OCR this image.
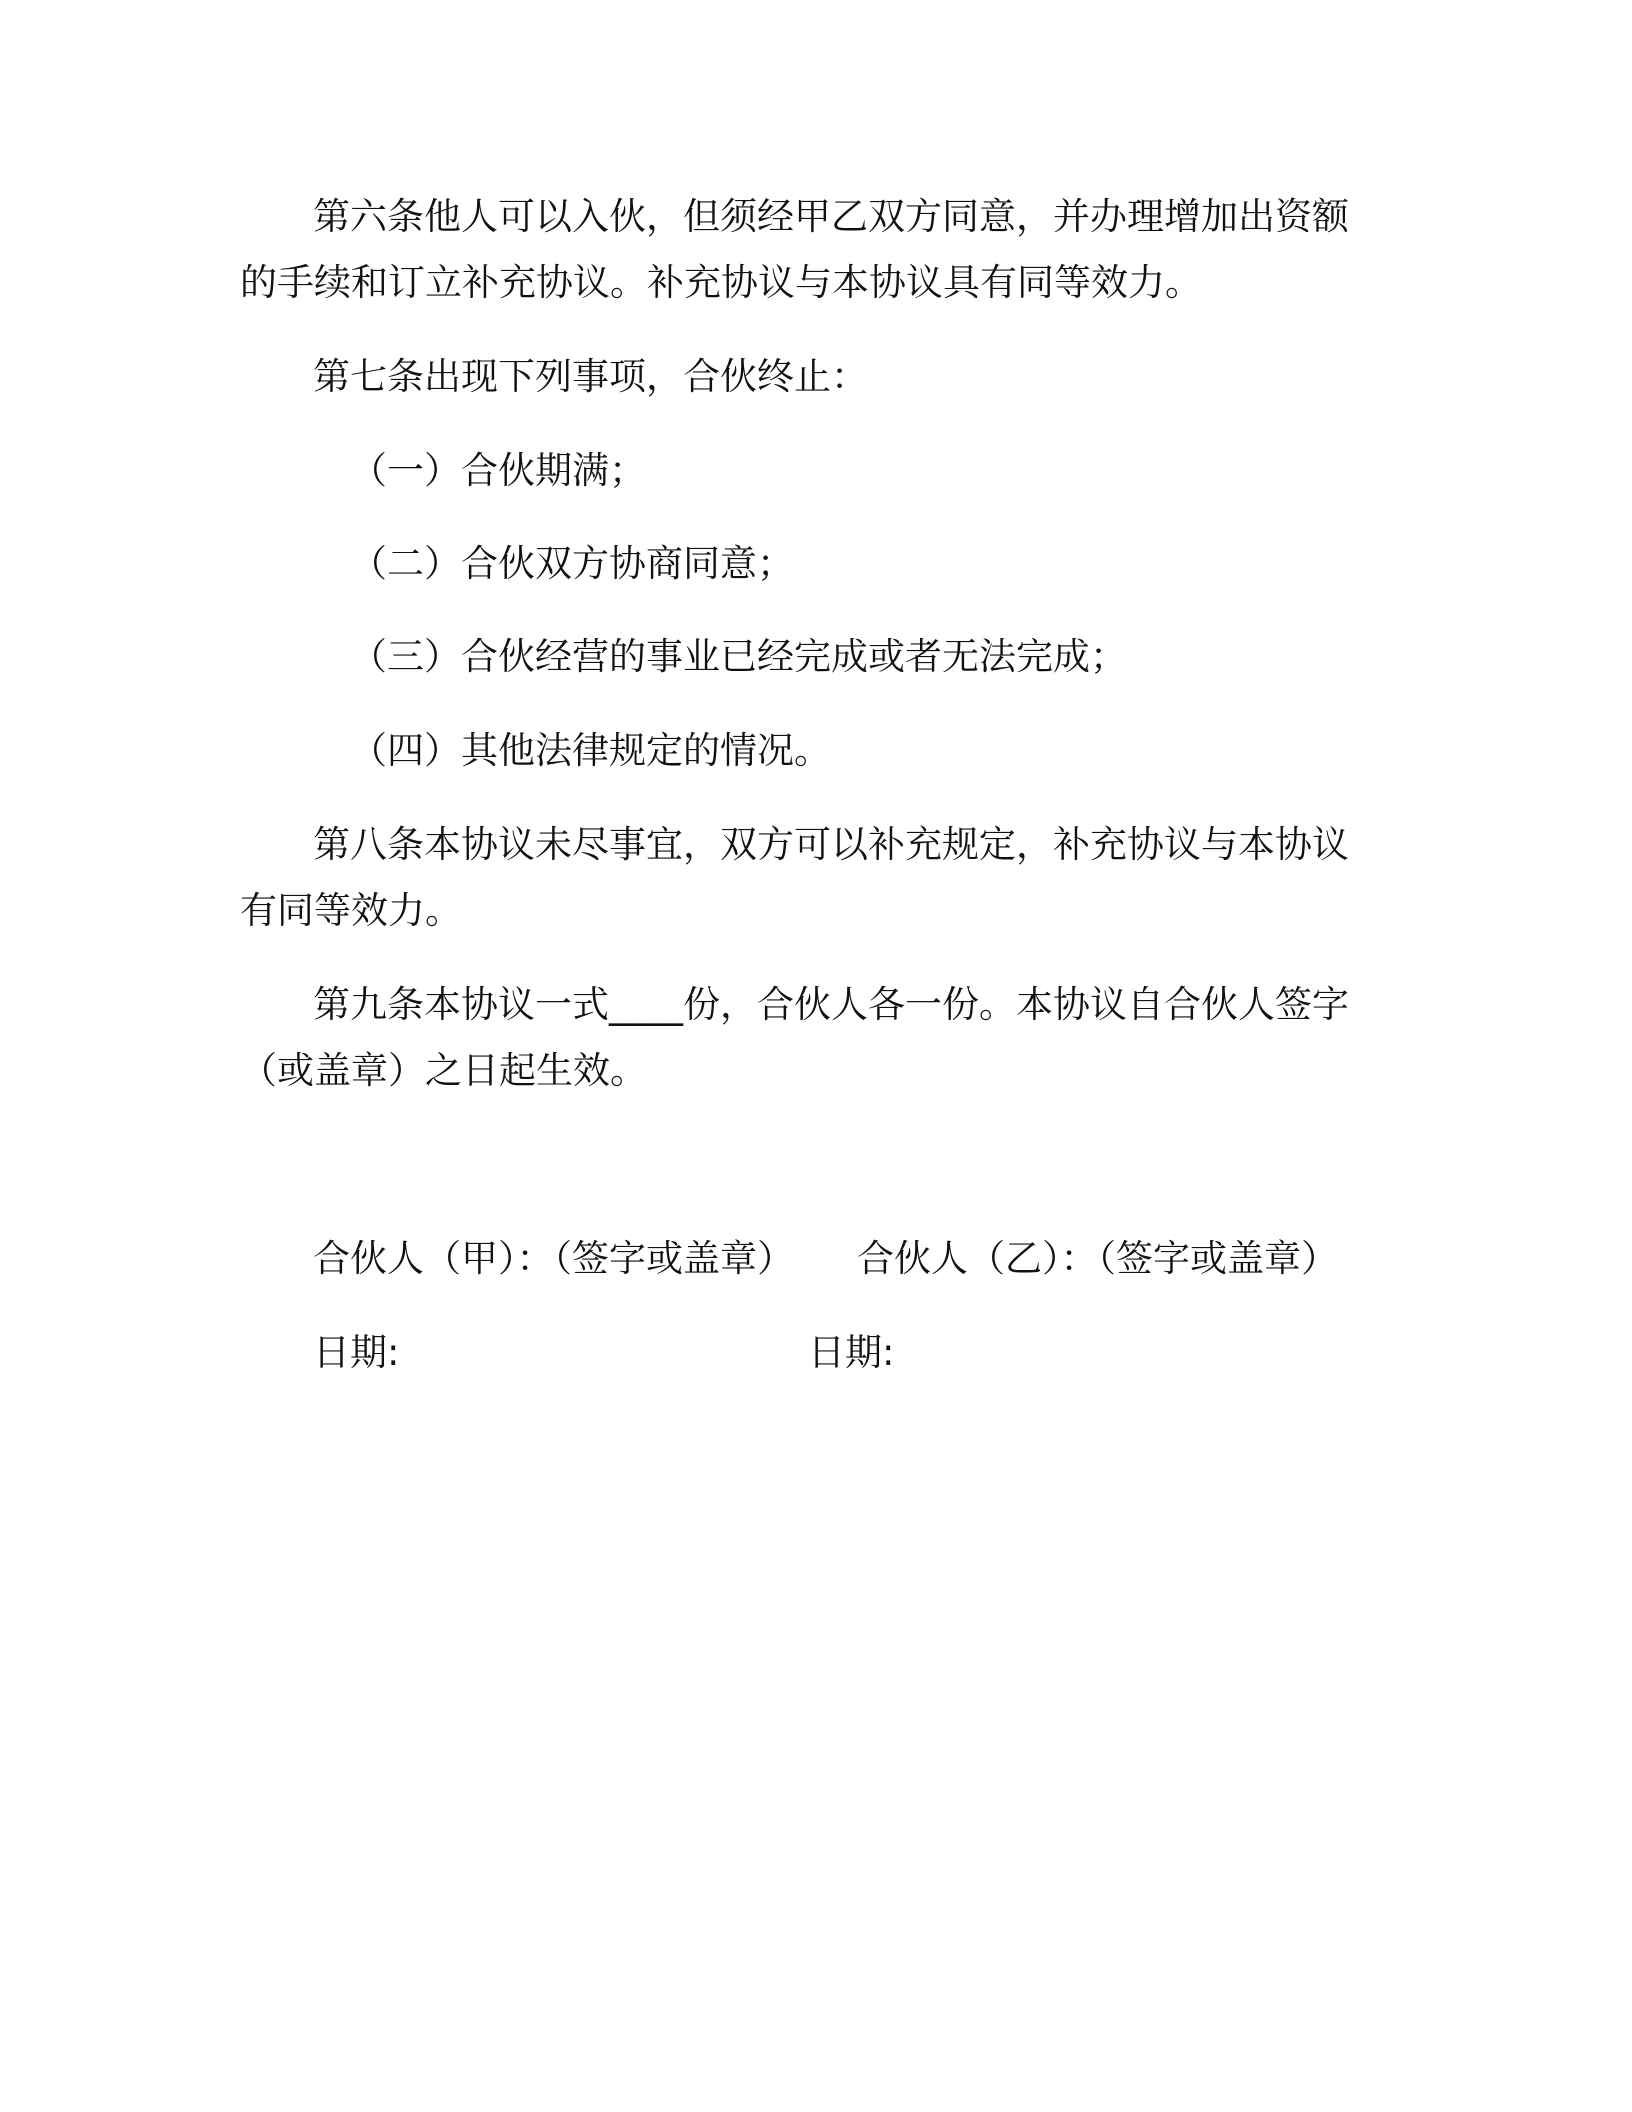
第六条他人可以入伙，但须经甲乙双方同意，并办理增加出资额
的手续和订立补充协议。补充协议与本协议具有同等效力。
第七条出现下列事项，合伙终止：
（一）合伙期满；
（二）合伙双方协商同意；
（三）合伙经营的事业已经完成或者无法完成；
（四）其他法律规定的情况。
第八条本协议未尽事宜，双方可以补充规定，补充协议与本协议
有同等效力。
第九条本协议一式____份，合伙人各一份。本协议自合伙人签字
（或盖章）之日起生效。
合伙人（甲）：（签字或盖章） 合伙人（乙）：（签字或盖章）
日期:	日期:
